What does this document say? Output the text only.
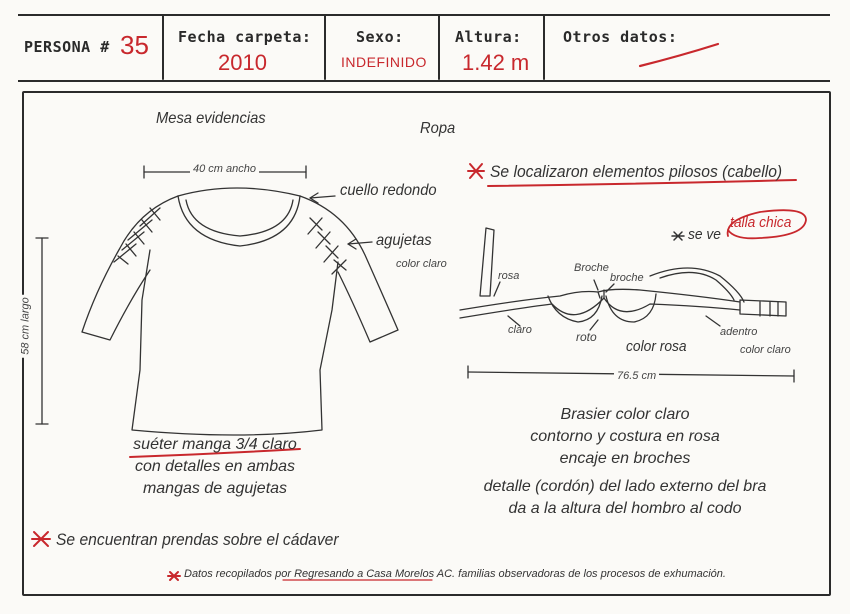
PERSONA # 35 Fecha carpeta:
2010
Sexo:
INDEFINIDO
Altura:
1.42 m
Otros datos:
Mesa evidencias
40 cm ancho
58 cm largo
cuello redondo
agujetas
color claro
suéter manga 3/4 claro
con detalles en ambas
mangas de agujetas
Se encuentran prendas sobre el cádaver
Ropa
Se localizaron elementos pilosos (cabello)
se ve
talla chica
rosa
claro
Broche
broche
roto
color rosa
adentro
color claro
76.5 cm
Brasier color claro
contorno y costura en rosa
encaje en broches
detalle (cordón) del lado externo del bra
da a la altura del hombro al codo
Datos recopilados por Regresando a Casa Morelos AC. familias observadoras de los procesos de exhumación.
